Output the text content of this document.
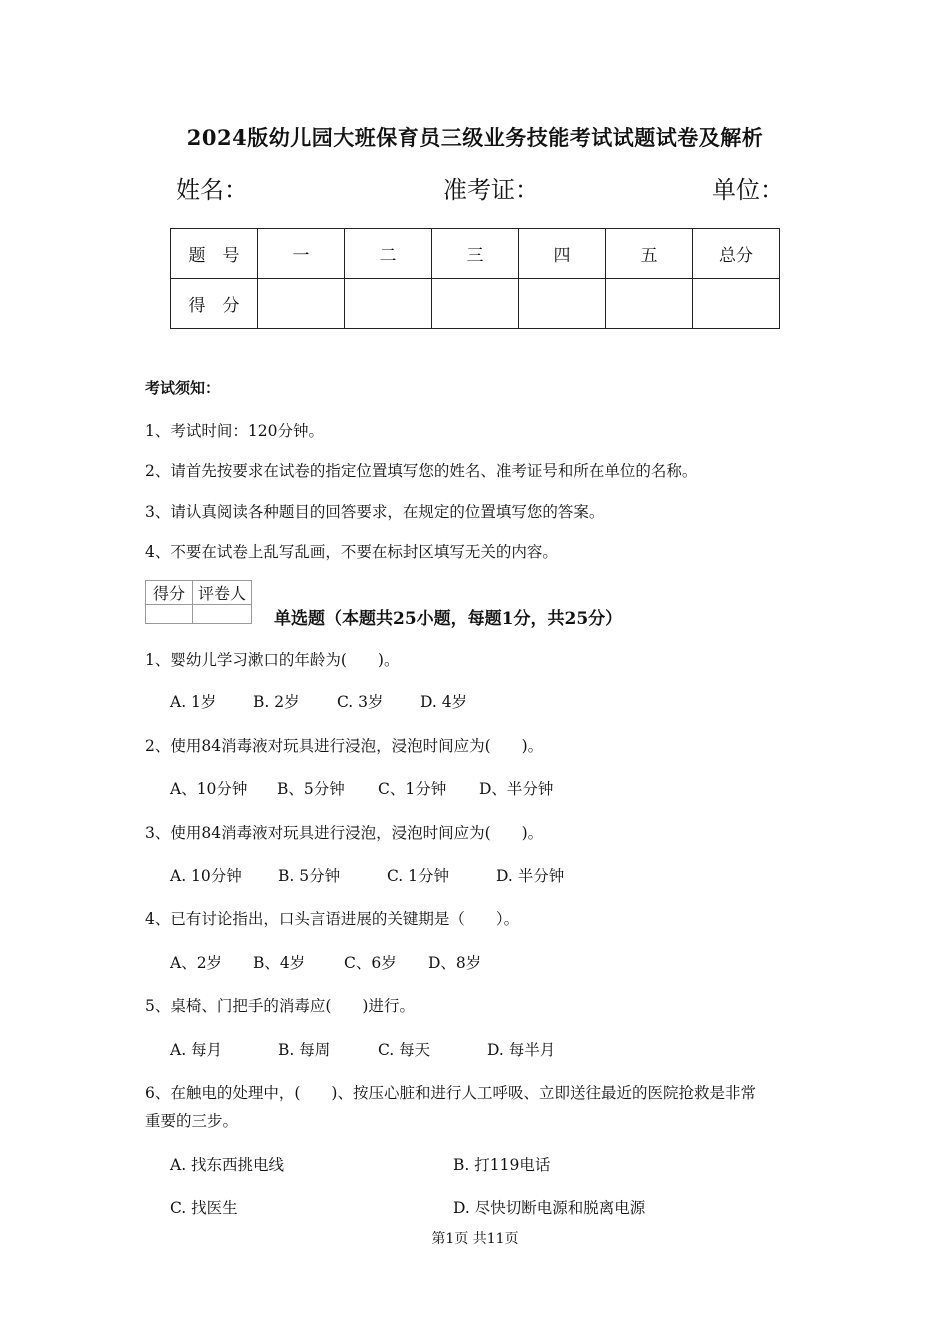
2024版幼儿园大班保育员三级业务技能考试试题试卷及解析
姓名：	准考证：	单位：
题　号	一	二	三	四	五	总分
得　分						
考试须知：
1、考试时间：120分钟。
2、请首先按要求在试卷的指定位置填写您的姓名、准考证号和所在单位的名称。
3、请认真阅读各种题目的回答要求，在规定的位置填写您的答案。
4、不要在试卷上乱写乱画，不要在标封区填写无关的内容。
得分	评卷人

单选题（本题共25小题，每题1分，共25分）
1、婴幼儿学习漱口的年龄为(　　)。
A. 1岁 B. 2岁 C. 3岁 D. 4岁
2、使用84消毒液对玩具进行浸泡，浸泡时间应为(　　)。
A、10分钟 B、5分钟 C、1分钟 D、半分钟
3、使用84消毒液对玩具进行浸泡，浸泡时间应为(　　)。
A. 10分钟 B. 5分钟	C. 1分钟	D. 半分钟
4、已有讨论指出，口头言语进展的关键期是（　　）。
A、2岁 B、4岁 C、6岁 D、8岁
5、桌椅、门把手的消毒应(　　)进行。
A. 每月	B. 每周	C. 每天	D. 每半月
6、在触电的处理中，(　　)、按压心脏和进行人工呼吸、立即送往最近的医院抢救是非常
重要的三步。
A. 找东西挑电线	B. 打119电话
C. 找医生	D. 尽快切断电源和脱离电源
第1页 共11页
